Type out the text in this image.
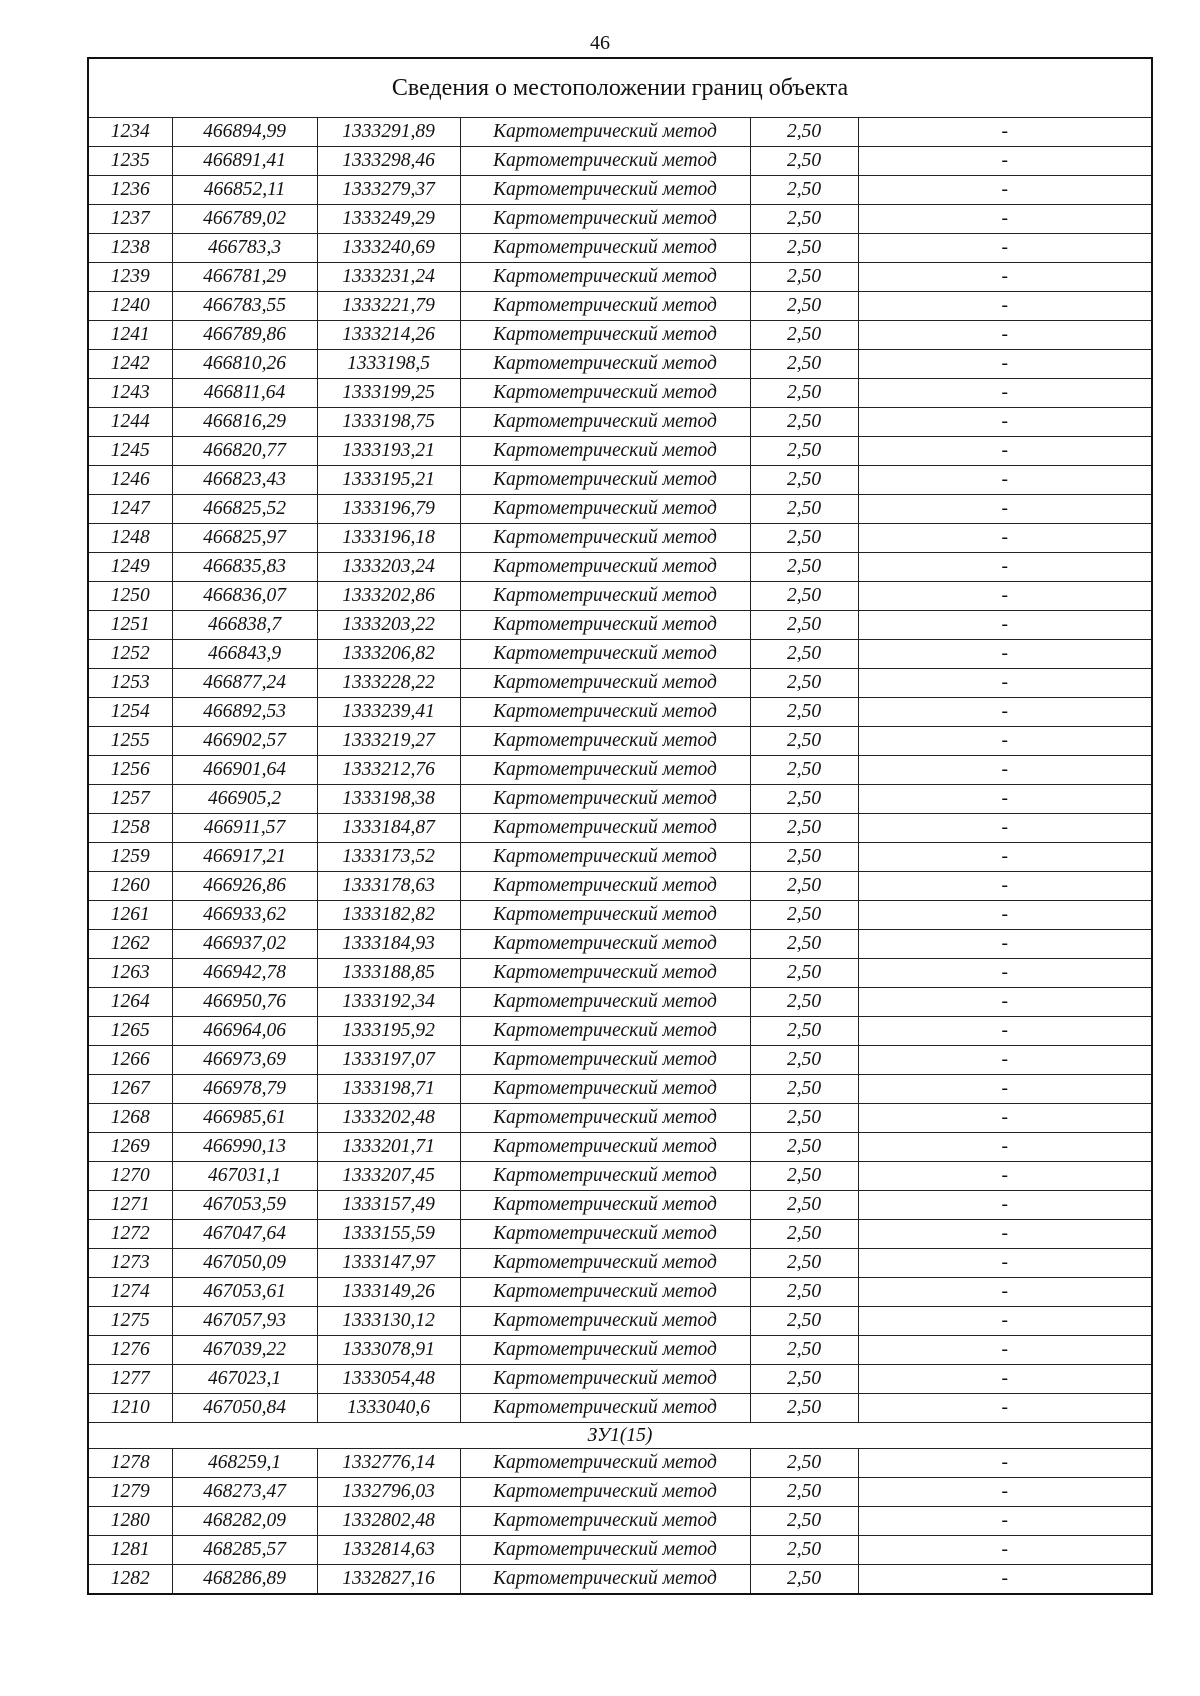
46
Сведения о местоположении границ объекта					
1234	466894,99	1333291,89	Картометрический метод	2,50	-
1235	466891,41	1333298,46	Картометрический метод	2,50	-
1236	466852,11	1333279,37	Картометрический метод	2,50	-
1237	466789,02	1333249,29	Картометрический метод	2,50	-
1238	466783,3	1333240,69	Картометрический метод	2,50	-
1239	466781,29	1333231,24	Картометрический метод	2,50	-
1240	466783,55	1333221,79	Картометрический метод	2,50	-
1241	466789,86	1333214,26	Картометрический метод	2,50	-
1242	466810,26	1333198,5	Картометрический метод	2,50	-
1243	466811,64	1333199,25	Картометрический метод	2,50	-
1244	466816,29	1333198,75	Картометрический метод	2,50	-
1245	466820,77	1333193,21	Картометрический метод	2,50	-
1246	466823,43	1333195,21	Картометрический метод	2,50	-
1247	466825,52	1333196,79	Картометрический метод	2,50	-
1248	466825,97	1333196,18	Картометрический метод	2,50	-
1249	466835,83	1333203,24	Картометрический метод	2,50	-
1250	466836,07	1333202,86	Картометрический метод	2,50	-
1251	466838,7	1333203,22	Картометрический метод	2,50	-
1252	466843,9	1333206,82	Картометрический метод	2,50	-
1253	466877,24	1333228,22	Картометрический метод	2,50	-
1254	466892,53	1333239,41	Картометрический метод	2,50	-
1255	466902,57	1333219,27	Картометрический метод	2,50	-
1256	466901,64	1333212,76	Картометрический метод	2,50	-
1257	466905,2	1333198,38	Картометрический метод	2,50	-
1258	466911,57	1333184,87	Картометрический метод	2,50	-
1259	466917,21	1333173,52	Картометрический метод	2,50	-
1260	466926,86	1333178,63	Картометрический метод	2,50	-
1261	466933,62	1333182,82	Картометрический метод	2,50	-
1262	466937,02	1333184,93	Картометрический метод	2,50	-
1263	466942,78	1333188,85	Картометрический метод	2,50	-
1264	466950,76	1333192,34	Картометрический метод	2,50	-
1265	466964,06	1333195,92	Картометрический метод	2,50	-
1266	466973,69	1333197,07	Картометрический метод	2,50	-
1267	466978,79	1333198,71	Картометрический метод	2,50	-
1268	466985,61	1333202,48	Картометрический метод	2,50	-
1269	466990,13	1333201,71	Картометрический метод	2,50	-
1270	467031,1	1333207,45	Картометрический метод	2,50	-
1271	467053,59	1333157,49	Картометрический метод	2,50	-
1272	467047,64	1333155,59	Картометрический метод	2,50	-
1273	467050,09	1333147,97	Картометрический метод	2,50	-
1274	467053,61	1333149,26	Картометрический метод	2,50	-
1275	467057,93	1333130,12	Картометрический метод	2,50	-
1276	467039,22	1333078,91	Картометрический метод	2,50	-
1277	467023,1	1333054,48	Картометрический метод	2,50	-
1210	467050,84	1333040,6	Картометрический метод	2,50	-
ЗУ1(15)					
1278	468259,1	1332776,14	Картометрический метод	2,50	-
1279	468273,47	1332796,03	Картометрический метод	2,50	-
1280	468282,09	1332802,48	Картометрический метод	2,50	-
1281	468285,57	1332814,63	Картометрический метод	2,50	-
1282	468286,89	1332827,16	Картометрический метод	2,50	-
